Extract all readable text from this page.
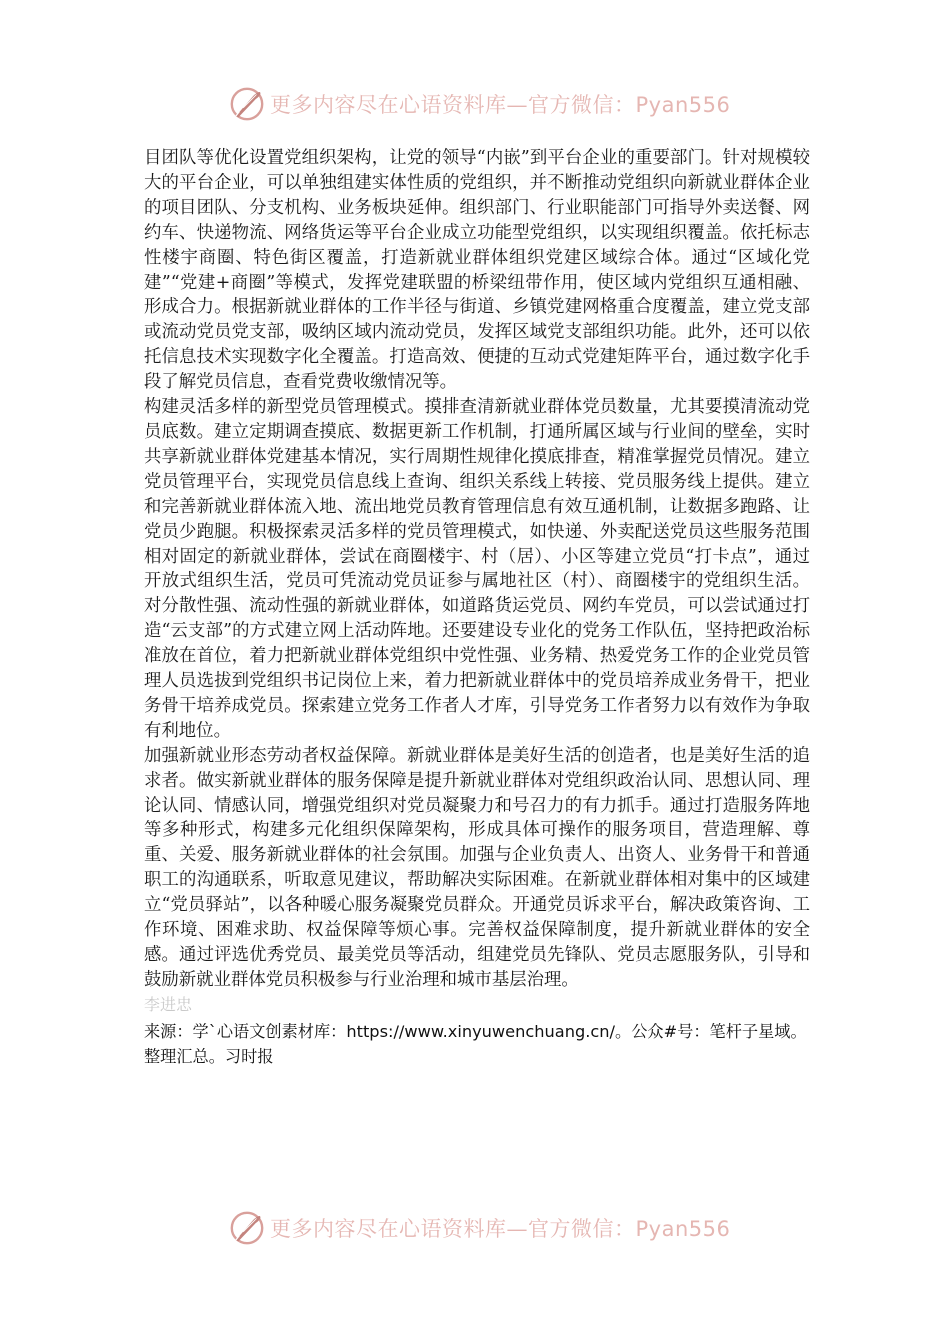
更多内容尽在心语资料库—官方微信：Pyan556

目团队等优化设置党组织架构，让党的领导“内嵌”到平台企业的重要部门。针对规模较大的平台企业，可以单独组建实体性质的党组织，并不断推动党组织向新就业群体企业的项目团队、分支机构、业务板块延伸。组织部门、行业职能部门可指导外卖送餐、网约车、快递物流、网络货运等平台企业成立功能型党组织，以实现组织覆盖。依托标志性楼宇商圈、特色街区覆盖，打造新就业群体组织党建区域综合体。通过“区域化党建”“党建+商圈”等模式，发挥党建联盟的桥梁纽带作用，使区域内党组织互通相融、形成合力。根据新就业群体的工作半径与街道、乡镇党建网格重合度覆盖，建立党支部或流动党员党支部，吸纳区域内流动党员，发挥区域党支部组织功能。此外，还可以依托信息技术实现数字化全覆盖。打造高效、便捷的互动式党建矩阵平台，通过数字化手段了解党员信息，查看党费收缴情况等。

构建灵活多样的新型党员管理模式。摸排查清新就业群体党员数量，尤其要摸清流动党员底数。建立定期调查摸底、数据更新工作机制，打通所属区域与行业间的壁垒，实时共享新就业群体党建基本情况，实行周期性规律化摸底排查，精准掌握党员情况。建立党员管理平台，实现党员信息线上查询、组织关系线上转接、党员服务线上提供。建立和完善新就业群体流入地、流出地党员教育管理信息有效互通机制，让数据多跑路、让党员少跑腿。积极探索灵活多样的党员管理模式，如快递、外卖配送党员这些服务范围相对固定的新就业群体，尝试在商圈楼宇、村（居）、小区等建立党员“打卡点”，通过开放式组织生活，党员可凭流动党员证参与属地社区（村）、商圈楼宇的党组织生活。对分散性强、流动性强的新就业群体，如道路货运党员、网约车党员，可以尝试通过打造“云支部”的方式建立网上活动阵地。还要建设专业化的党务工作队伍，坚持把政治标准放在首位，着力把新就业群体党组织中党性强、业务精、热爱党务工作的企业党员管理人员选拔到党组织书记岗位上来，着力把新就业群体中的党员培养成业务骨干，把业务骨干培养成党员。探索建立党务工作者人才库，引导党务工作者努力以有效作为争取有利地位。

加强新就业形态劳动者权益保障。新就业群体是美好生活的创造者，也是美好生活的追求者。做实新就业群体的服务保障是提升新就业群体对党组织政治认同、思想认同、理论认同、情感认同，增强党组织对党员凝聚力和号召力的有力抓手。通过打造服务阵地等多种形式，构建多元化组织保障架构，形成具体可操作的服务项目，营造理解、尊重、关爱、服务新就业群体的社会氛围。加强与企业负责人、出资人、业务骨干和普通职工的沟通联系，听取意见建议，帮助解决实际困难。在新就业群体相对集中的区域建立“党员驿站”，以各种暖心服务凝聚党员群众。开通党员诉求平台，解决政策咨询、工作环境、困难求助、权益保障等烦心事。完善权益保障制度，提升新就业群体的安全感。通过评选优秀党员、最美党员等活动，组建党员先锋队、党员志愿服务队，引导和鼓励新就业群体党员积极参与行业治理和城市基层治理。

李进忠

来源：学`心语文创素材库：https://www.xinyuwenchuang.cn/。公众#号：笔杆子星域。整理汇总。习时报

更多内容尽在心语资料库—官方微信：Pyan556
